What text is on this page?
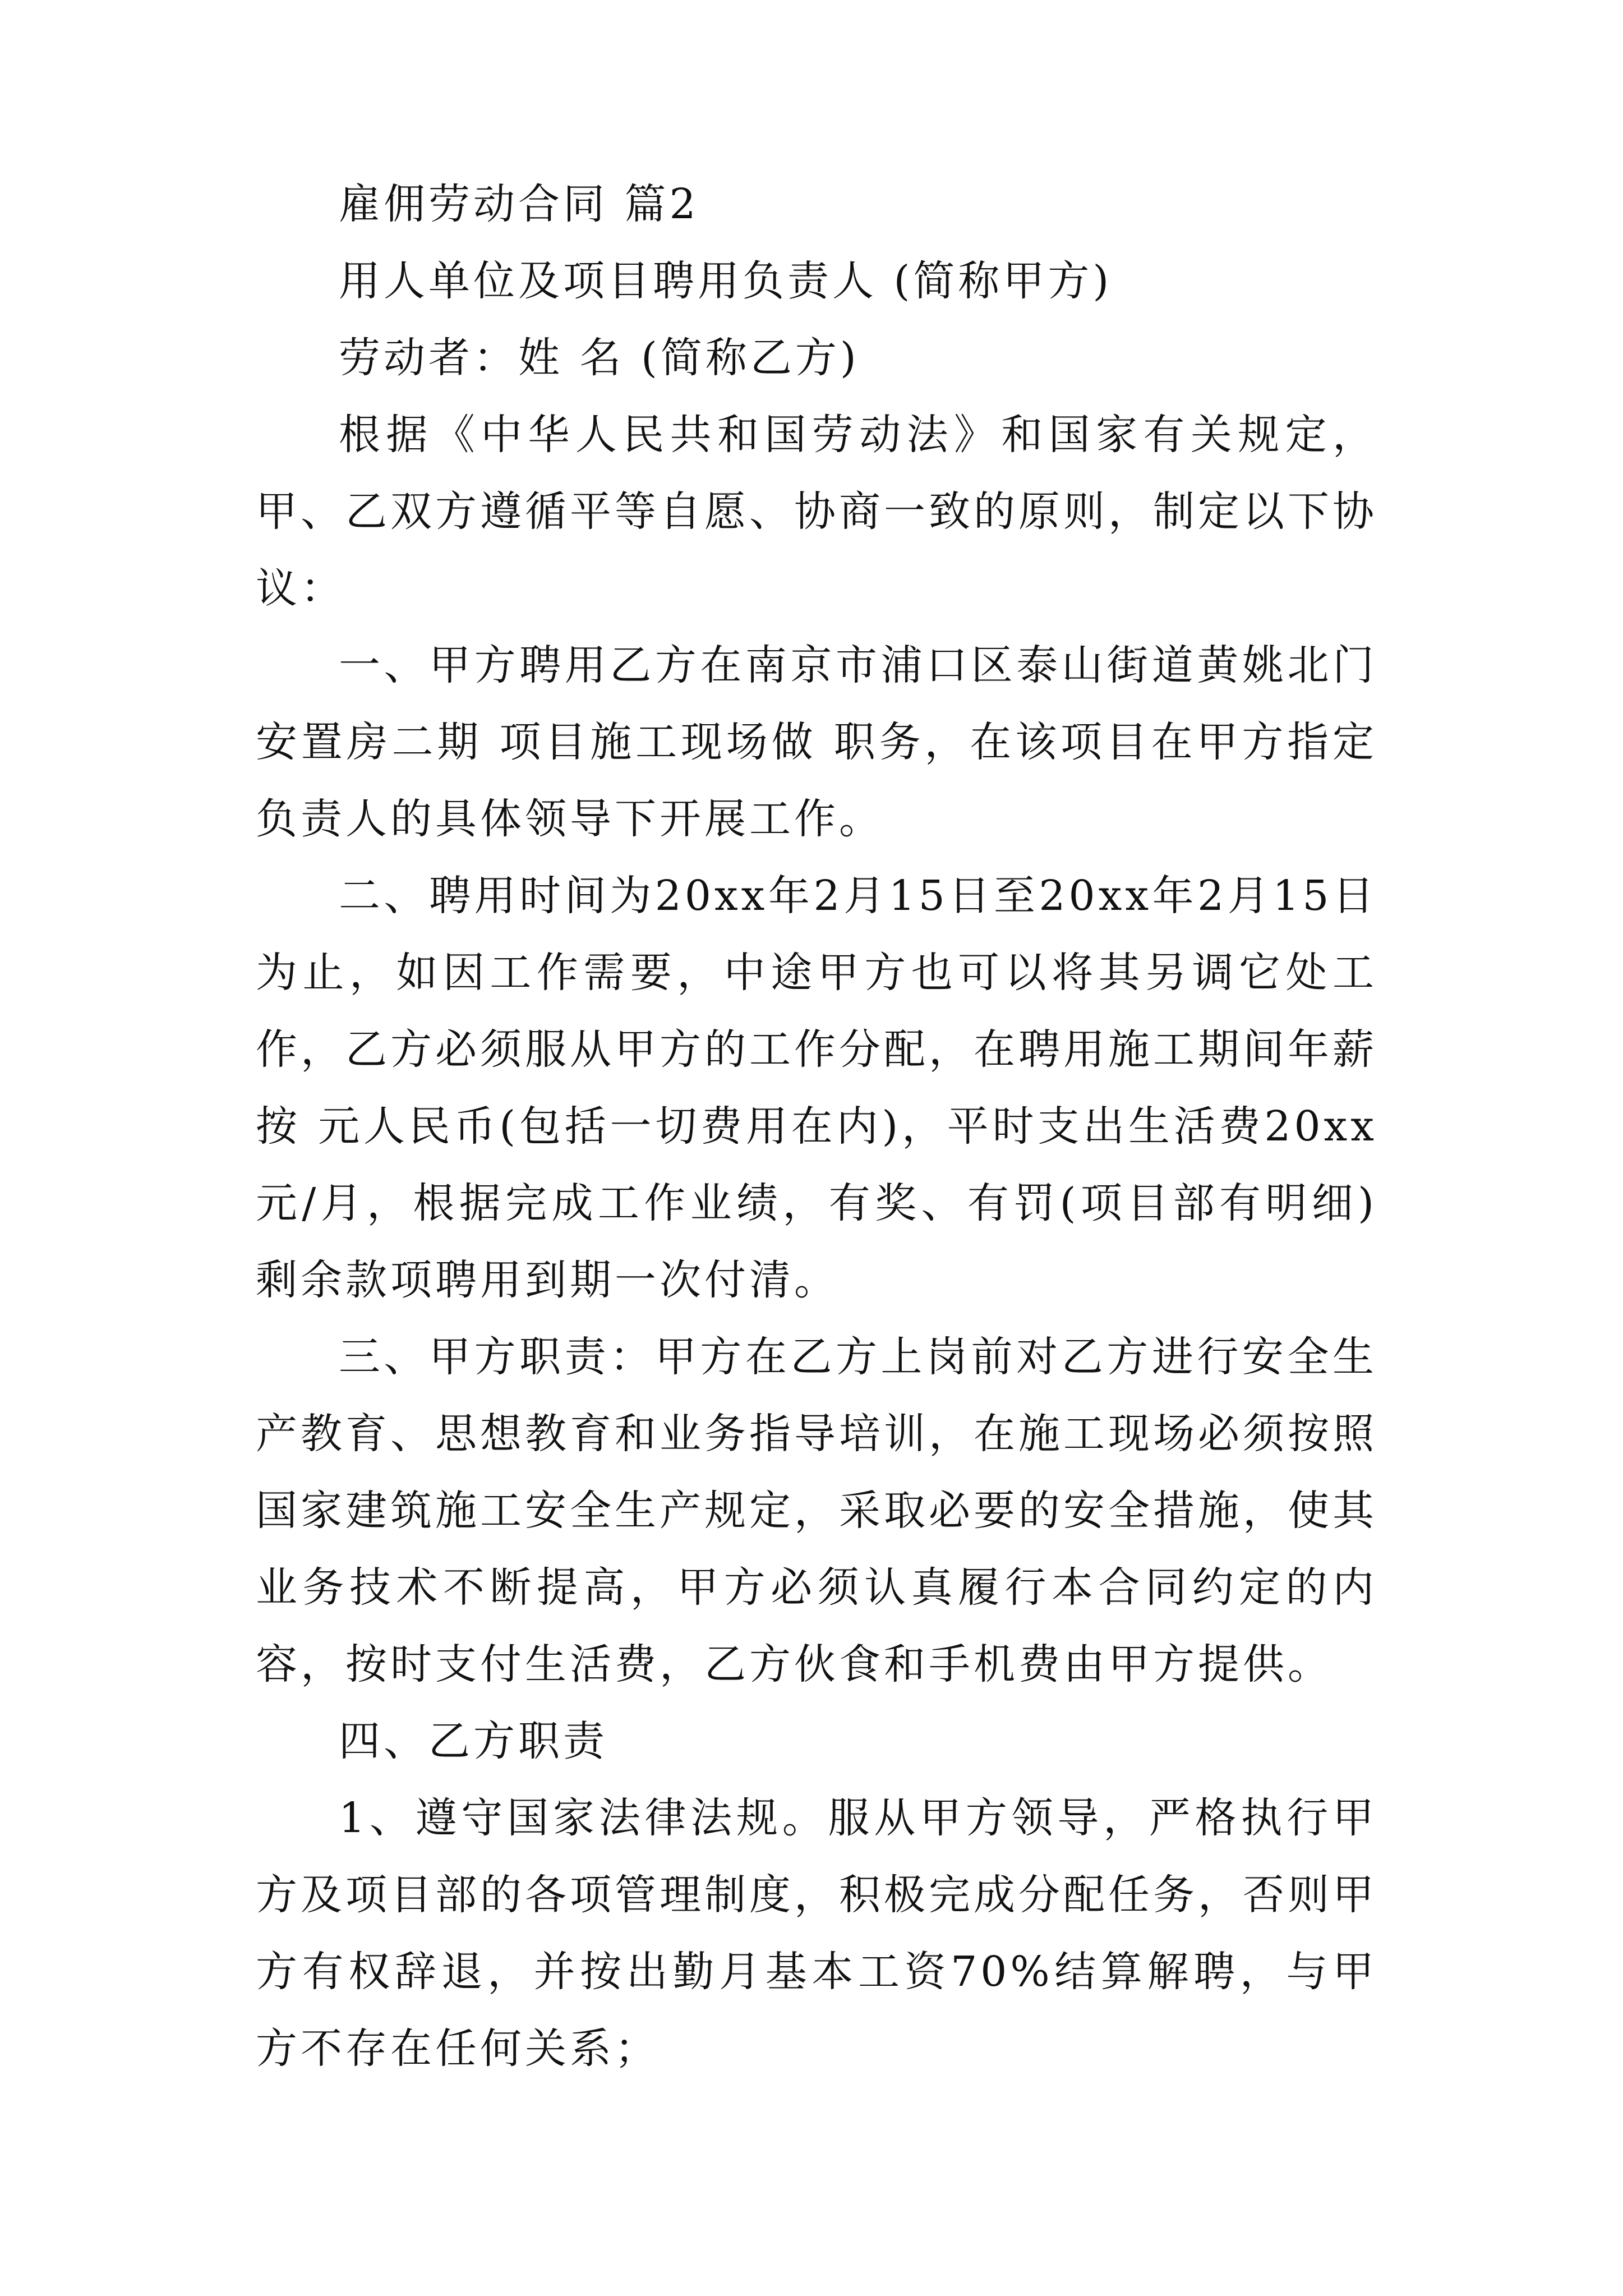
雇佣劳动合同 篇2

用人单位及项目聘用负责人 (简称甲方)

劳动者：姓 名 (简称乙方)

根据《中华人民共和国劳动法》和国家有关规定，甲、乙双方遵循平等自愿、协商一致的原则，制定以下协议：

一、甲方聘用乙方在南京市浦口区泰山街道黄姚北门安置房二期 项目施工现场做 职务，在该项目在甲方指定负责人的具体领导下开展工作。

二、聘用时间为20xx年2月15日至20xx年2月15日为止，如因工作需要，中途甲方也可以将其另调它处工作，乙方必须服从甲方的工作分配，在聘用施工期间年薪按 元人民币(包括一切费用在内)，平时支出生活费20xx元/月，根据完成工作业绩，有奖、有罚(项目部有明细)剩余款项聘用到期一次付清。

三、甲方职责：甲方在乙方上岗前对乙方进行安全生产教育、思想教育和业务指导培训，在施工现场必须按照国家建筑施工安全生产规定，采取必要的安全措施，使其业务技术不断提高，甲方必须认真履行本合同约定的内容，按时支付生活费，乙方伙食和手机费由甲方提供。

四、乙方职责

1、遵守国家法律法规。服从甲方领导，严格执行甲方及项目部的各项管理制度，积极完成分配任务，否则甲方有权辞退，并按出勤月基本工资70%结算解聘，与甲方不存在任何关系；
